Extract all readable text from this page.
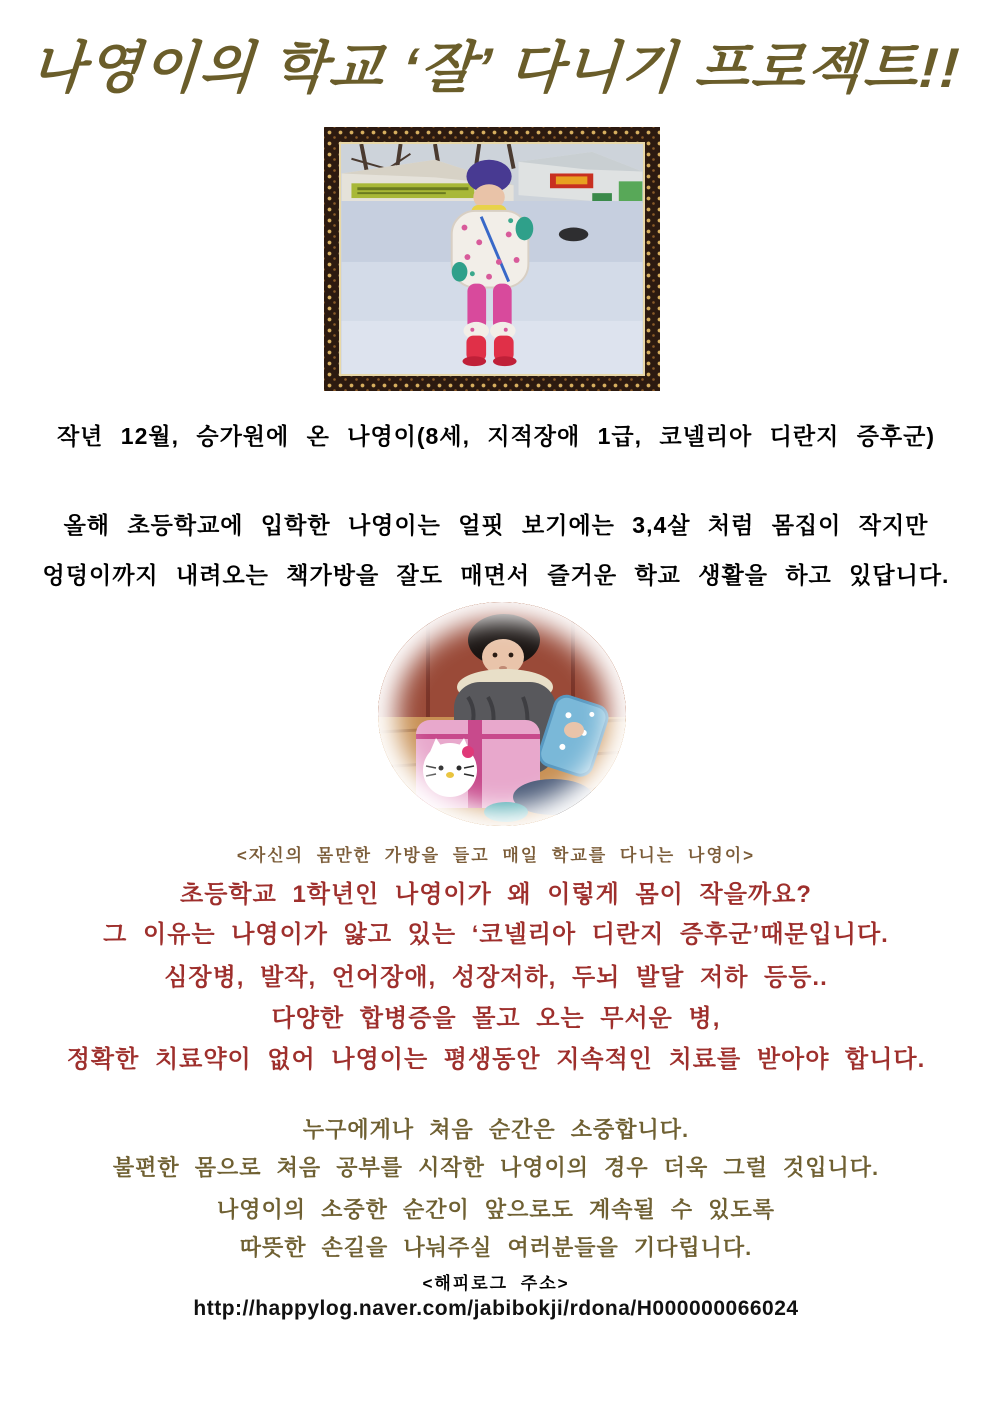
나영이의 학교 ‘잘’ 다니기 프로젝트!!
작년 12월, 승가원에 온 나영이(8세, 지적장애 1급, 코넬리아 디란지 증후군)
올해 초등학교에 입학한 나영이는 얼핏 보기에는 3,4살 처럼 몸집이 작지만
엉덩이까지 내려오는 책가방을 잘도 매면서 즐거운 학교 생활을 하고 있답니다.
<자신의 몸만한 가방을 들고 매일 학교를 다니는 나영이>
초등학교 1학년인 나영이가 왜 이렇게 몸이 작을까요?
그 이유는 나영이가 앓고 있는 ‘코넬리아 디란지 증후군’때문입니다.
심장병, 발작, 언어장애, 성장저하, 두뇌 발달 저하 등등..
다양한 합병증을 몰고 오는 무서운 병,
정확한 치료약이 없어 나영이는 평생동안 지속적인 치료를 받아야 합니다.
누구에게나 쳐음 순간은 소중합니다.
불편한 몸으로 쳐음 공부를 시작한 나영이의 경우 더욱 그럴 것입니다.
나영이의 소중한 순간이 앞으로도 계속될 수 있도록
따뜻한 손길을 나눠주실 여러분들을 기다립니다.
<해피로그 주소>
http://happylog.naver.com/jabibokji/rdona/H000000066024
